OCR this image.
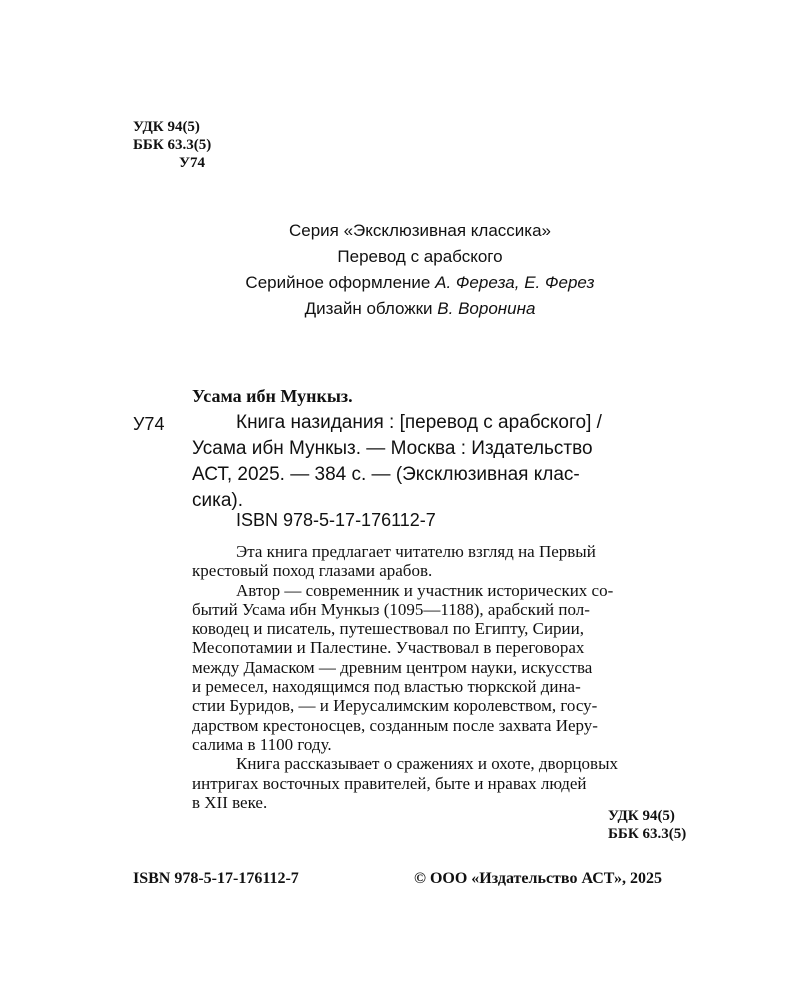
УДК 94(5)
ББК 63.3(5)
У74
Серия «Эксклюзивная классика»
Перевод с арабского
Серийное оформление А. Фереза, Е. Ферез
Дизайн обложки В. Воронина
Усама ибн Мункыз.
У74	Книга назидания : [перевод с арабского] /
Усама ибн Мункыз. — Москва : Издательство
АСТ, 2025. — 384 с. — (Эксклюзивная клас-
сика).
ISBN 978-5-17-176112-7
Эта книга предлагает читателю взгляд на Первый
крестовый поход глазами арабов.
Автор — современник и участник исторических со-
бытий Усама ибн Мункыз (1095—1188), арабский пол-
ководец и писатель, путешествовал по Египту, Сирии,
Месопотамии и Палестине. Участвовал в переговорах
между Дамаском — древним центром науки, искусства
и ремесел, находящимся под властью тюркской дина-
стии Буридов, — и Иерусалимским королевством, госу-
дарством крестоносцев, созданным после захвата Иеру-
салима в 1100 году.
Книга рассказывает о сражениях и охоте, дворцовых
интригах восточных правителей, быте и нравах людей
в XII веке.
УДК 94(5)
ББК 63.3(5)
ISBN 978-5-17-176112-7	© ООО «Издательство АСТ», 2025
